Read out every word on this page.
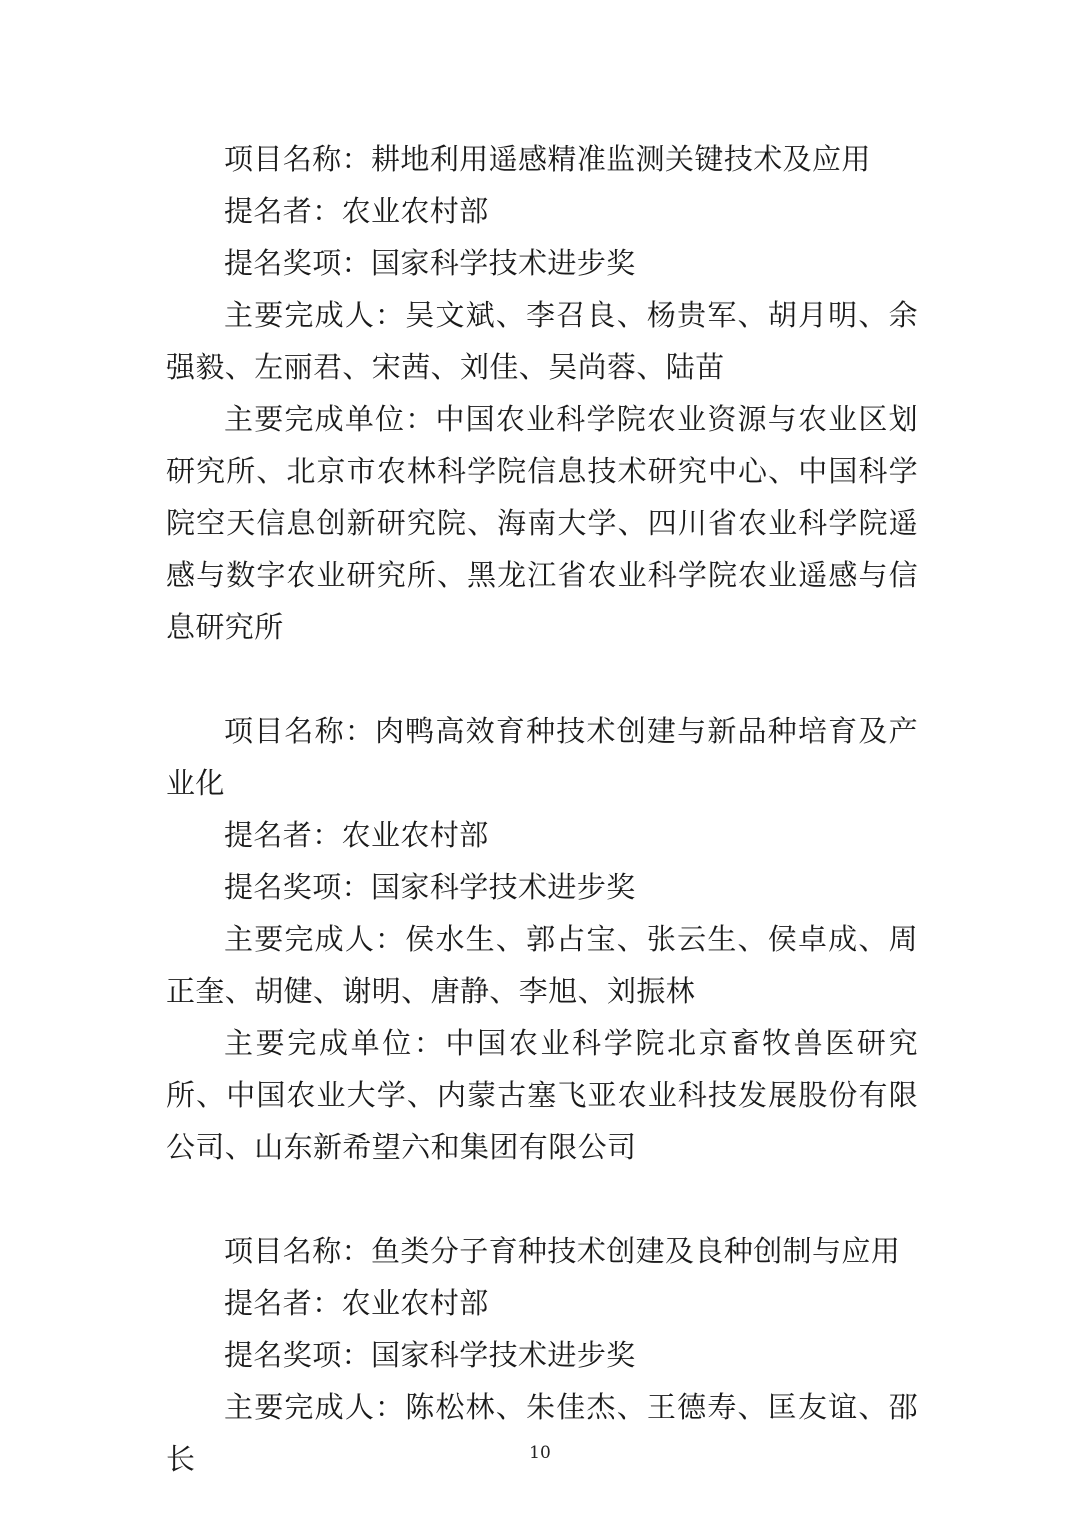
项目名称：耕地利用遥感精准监测关键技术及应用

提名者：农业农村部

提名奖项：国家科学技术进步奖

主要完成人：吴文斌、李召良、杨贵军、胡月明、余强毅、左丽君、宋茜、刘佳、吴尚蓉、陆苗

主要完成单位：中国农业科学院农业资源与农业区划研究所、北京市农林科学院信息技术研究中心、中国科学院空天信息创新研究院、海南大学、四川省农业科学院遥感与数字农业研究所、黑龙江省农业科学院农业遥感与信息研究所

项目名称：肉鸭高效育种技术创建与新品种培育及产业化

提名者：农业农村部

提名奖项：国家科学技术进步奖

主要完成人：侯水生、郭占宝、张云生、侯卓成、周正奎、胡健、谢明、唐静、李旭、刘振林

主要完成单位：中国农业科学院北京畜牧兽医研究所、中国农业大学、内蒙古塞飞亚农业科技发展股份有限公司、山东新希望六和集团有限公司

项目名称：鱼类分子育种技术创建及良种创制与应用

提名者：农业农村部

提名奖项：国家科学技术进步奖

主要完成人：陈松林、朱佳杰、王德寿、匡友谊、邵长	10
